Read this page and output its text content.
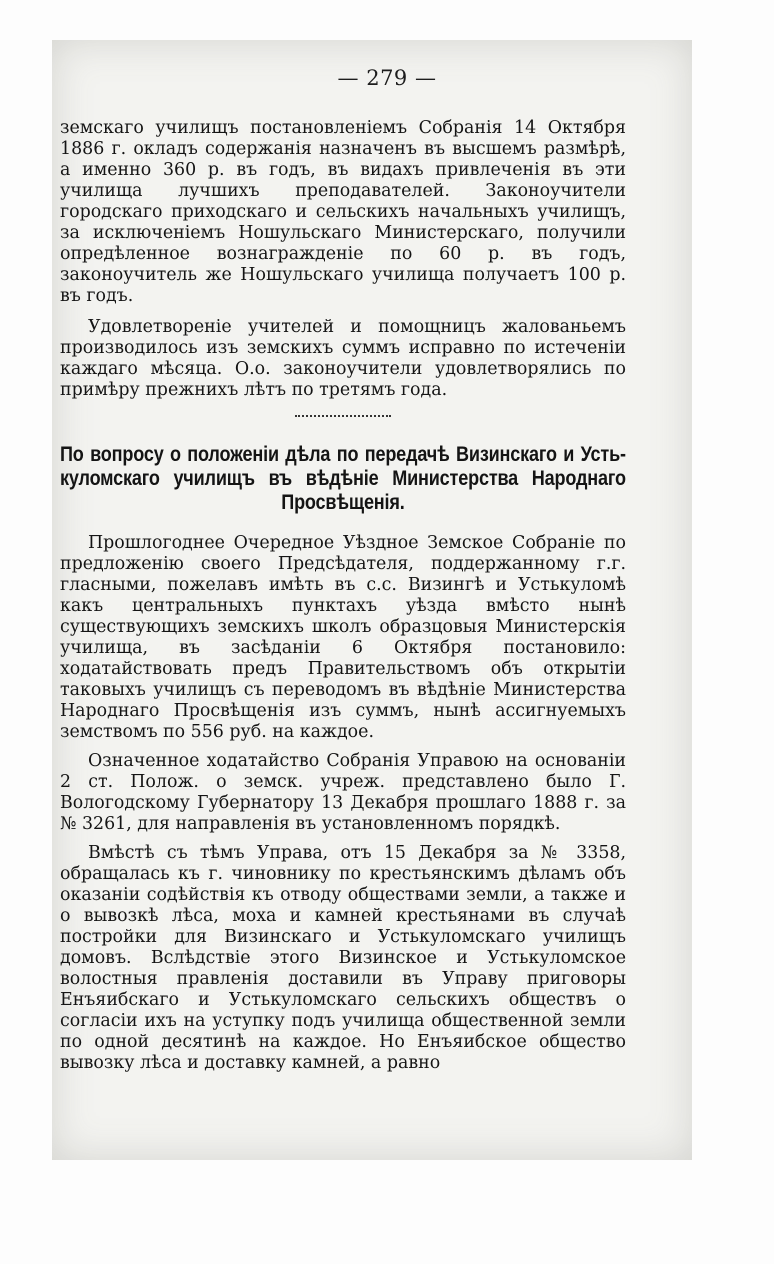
— 279 —

земскаго училищъ постановленiемъ Собранiя 14 Октября 1886 г. окладъ содержанiя назначенъ въ высшемъ размѣрѣ, а именно 360 р. въ годъ, въ видахъ привлеченiя въ эти училища лучшихъ преподавателей. Законоучители городскаго приходскаго и сельскихъ начальныхъ училищъ, за исключенiемъ Ношульскаго Министерскаго, получили опредѣленное вознагражденiе по 60 р. въ годъ, законоучитель же Ношульскаго училища получаетъ 100 р. въ годъ.

Удовлетворенiе учителей и помощницъ жалованьемъ производилось изъ земскихъ суммъ исправно по истеченiи каждаго мѣсяца. О.о. законоучители удовлетворялись по примѣру прежнихъ лѣтъ по третямъ года.

По вопросу о положенiи дѣла по передачѣ Визинскаго и Усть-куломскаго училищъ въ вѣдѣнiе Министерства Народнаго Просвѣщенiя.

Прошлогоднее Очередное Уѣздное Земское Собранiе по предложенiю своего Предсѣдателя, поддержанному г.г. гласными, пожелавъ имѣть въ с.с. Визингѣ и Устькуломѣ какъ центральныхъ пунктахъ уѣзда вмѣсто нынѣ существующихъ земскихъ школъ образцовыя Министерскiя училища, въ засѣданiи 6 Октября постановило: ходатайствовать предъ Правительствомъ объ открытiи таковыхъ училищъ съ переводомъ въ вѣдѣнiе Министерства Народнаго Просвѣщенiя изъ суммъ, нынѣ ассигнуемыхъ земствомъ по 556 руб. на каждое.

Означенное ходатайство Собранiя Управою на основанiи 2 ст. Полож. о земск. учреж. представлено было Г. Вологодскому Губернатору 13 Декабря прошлаго 1888 г. за № 3261, для направленiя въ установленномъ порядкѣ.

Вмѣстѣ съ тѣмъ Управа, отъ 15 Декабря за № 3358, обращалась къ г. чиновнику по крестьянскимъ дѣламъ объ оказанiи содѣйствiя къ отводу обществами земли, а также и о вывозкѣ лѣса, моха и камней крестьянами въ случаѣ постройки для Визинскаго и Устькуломскаго училищъ домовъ. Вслѣдствiе этого Визинское и Устькуломское волостныя правленiя доставили въ Управу приговоры Енъяибскаго и Устькуломскаго сельскихъ обществъ о согласiи ихъ на уступку подъ училища общественной земли по одной десятинѣ на каждое. Но Енъяибское общество вывозку лѣса и доставку камней, а равно
